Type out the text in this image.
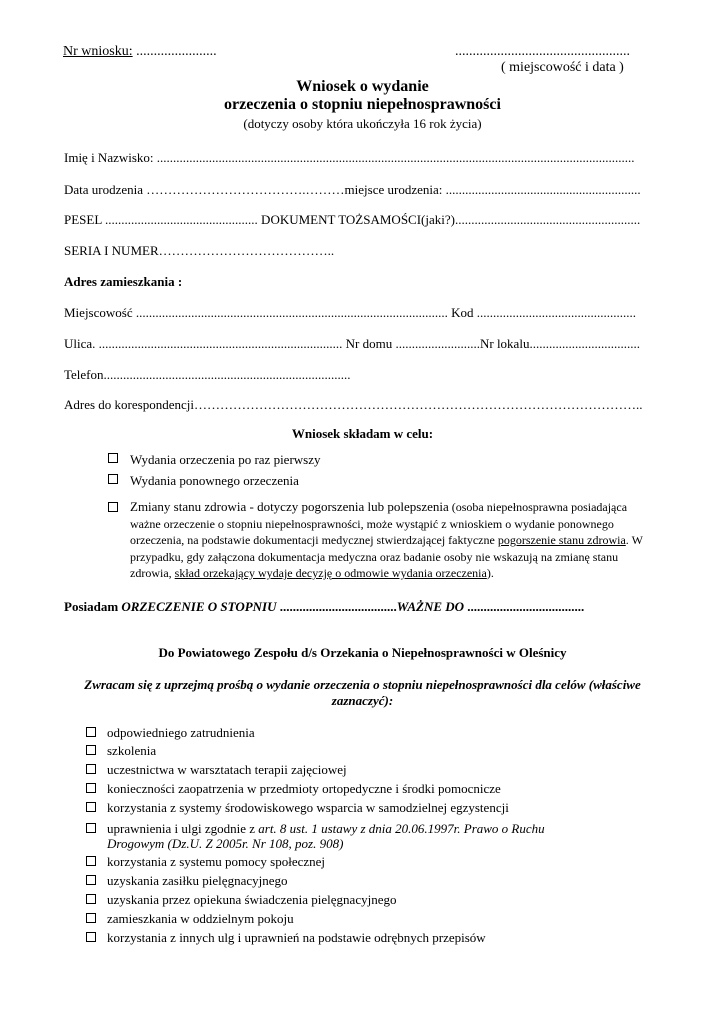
Nr wniosku: .......................	..................................................
( miejscowość i data )
Wniosek o wydanie
orzeczenia o stopniu niepełnosprawności
(dotyczy osoby która ukończyła 16 rok życia)
Imię i Nazwisko: ...................................................................................................................................................
Data urodzenia ……………………………….………miejsce urodzenia: ............................................................
PESEL ............................................... DOKUMENT TOŻSAMOŚCI(jaki?).........................................................
SERIA I NUMER…………………………………..
Adres zamieszkania :
Miejscowość ................................................................................................ Kod .................................................
Ulica. ........................................................................... Nr domu ..........................Nr lokalu..................................
Telefon............................................................................
Adres do korespondencji…………………………………………………………………………………………..
Wniosek składam w celu:
Wydania orzeczenia po raz pierwszy
Wydania ponownego orzeczenia
Zmiany stanu zdrowia - dotyczy pogorszenia lub polepszenia (osoba niepełnosprawna posiadająca ważne orzeczenie o stopniu niepełnosprawności, może wystąpić z wnioskiem o wydanie ponownego orzeczenia, na podstawie dokumentacji medycznej stwierdzającej faktyczne pogorszenie stanu zdrowia. W przypadku, gdy załączona dokumentacja medyczna oraz badanie osoby nie wskazują na zmianę stanu zdrowia, skład orzekający wydaje decyzję o odmowie wydania orzeczenia).
Posiadam ORZECZENIE O STOPNIU ....................................WAŻNE DO ....................................
Do Powiatowego Zespołu d/s Orzekania o Niepełnosprawności w Oleśnicy
Zwracam się z uprzejmą prośbą o wydanie orzeczenia o stopniu niepełnosprawności dla celów (właściwe
zaznaczyć):
odpowiedniego zatrudnienia
szkolenia
uczestnictwa w warsztatach terapii zajęciowej
konieczności zaopatrzenia w przedmioty ortopedyczne i środki pomocnicze
korzystania z systemy środowiskowego wsparcia w samodzielnej egzystencji
uprawnienia i ulgi zgodnie z art. 8 ust. 1 ustawy z dnia 20.06.1997r. Prawo o Ruchu
Drogowym (Dz.U. Z 2005r. Nr 108, poz. 908)
korzystania z systemu pomocy społecznej
uzyskania zasiłku pielęgnacyjnego
uzyskania przez opiekuna świadczenia pielęgnacyjnego
zamieszkania w oddzielnym pokoju
korzystania z innych ulg i uprawnień na podstawie odrębnych przepisów
